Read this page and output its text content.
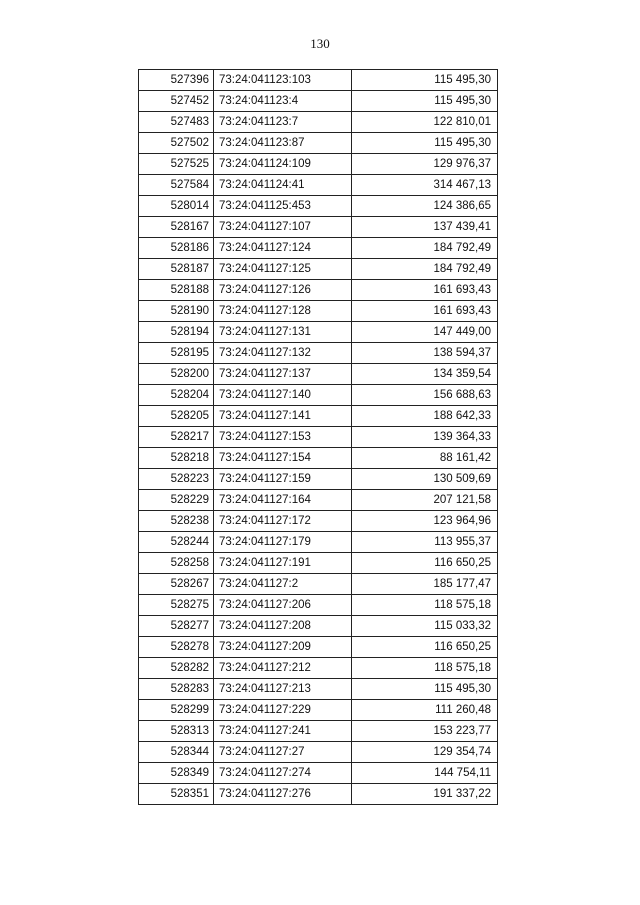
130
527396	73:24:041123:103	115 495,30
527452	73:24:041123:4	115 495,30
527483	73:24:041123:7	122 810,01
527502	73:24:041123:87	115 495,30
527525	73:24:041124:109	129 976,37
527584	73:24:041124:41	314 467,13
528014	73:24:041125:453	124 386,65
528167	73:24:041127:107	137 439,41
528186	73:24:041127:124	184 792,49
528187	73:24:041127:125	184 792,49
528188	73:24:041127:126	161 693,43
528190	73:24:041127:128	161 693,43
528194	73:24:041127:131	147 449,00
528195	73:24:041127:132	138 594,37
528200	73:24:041127:137	134 359,54
528204	73:24:041127:140	156 688,63
528205	73:24:041127:141	188 642,33
528217	73:24:041127:153	139 364,33
528218	73:24:041127:154	88 161,42
528223	73:24:041127:159	130 509,69
528229	73:24:041127:164	207 121,58
528238	73:24:041127:172	123 964,96
528244	73:24:041127:179	113 955,37
528258	73:24:041127:191	116 650,25
528267	73:24:041127:2	185 177,47
528275	73:24:041127:206	118 575,18
528277	73:24:041127:208	115 033,32
528278	73:24:041127:209	116 650,25
528282	73:24:041127:212	118 575,18
528283	73:24:041127:213	115 495,30
528299	73:24:041127:229	111 260,48
528313	73:24:041127:241	153 223,77
528344	73:24:041127:27	129 354,74
528349	73:24:041127:274	144 754,11
528351	73:24:041127:276	191 337,22
